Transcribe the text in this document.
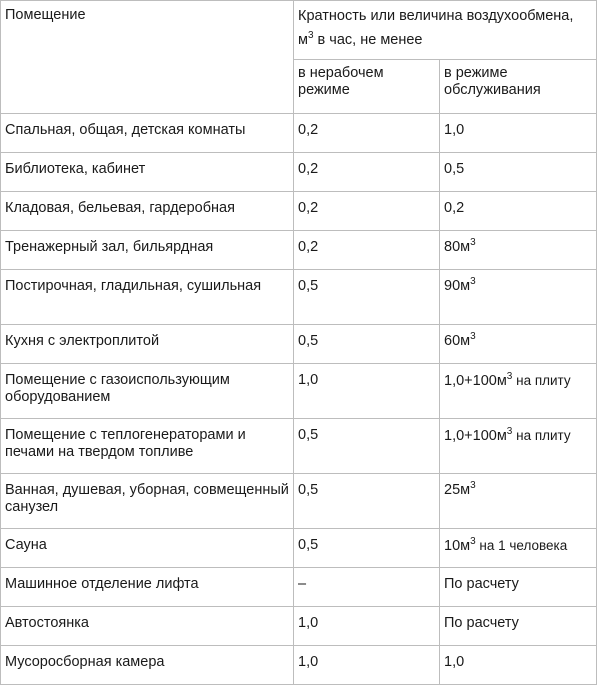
Помещение	Кратность или величина воздухообмена, $м^3$ в час, не менее	
	в нерабочем режиме	в режиме обслуживания
Спальная, общая, детская комнаты	0,2	1,0
Библиотека, кабинет	0,2	0,5
Кладовая, бельевая, гардеробная	0,2	0,2
Тренажерный зал, бильярдная	0,2	$80м^3$
Постирочная, гладильная, сушильная	0,5	$90м^3$
Кухня с электроплитой	0,5	$60м^3$
Помещение с газоиспользующим оборудованием	1,0	$1,0+100м^3$ на плиту
Помещение с теплогенераторами и печами на твердом топливе	0,5	$1,0+100м^3$ на плиту
Ванная, душевая, уборная, совмещенный санузел	0,5	$25м^3$
Сауна	0,5	$10м^3$ на 1 человека
Машинное отделение лифта	–	По расчету
Автостоянка	1,0	По расчету
Мусоросборная камера	1,0	1,0
